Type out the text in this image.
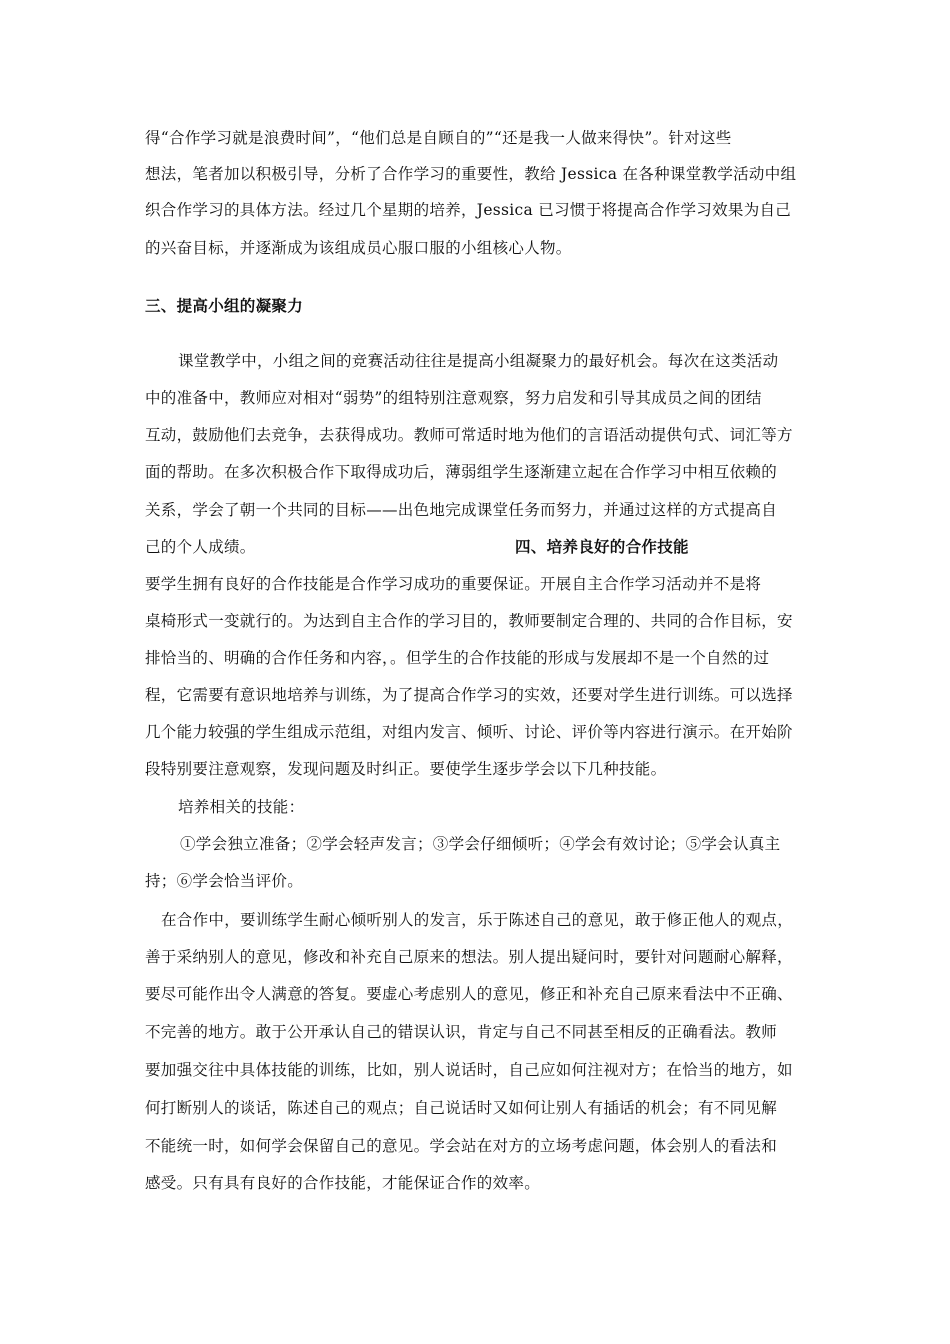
得“合作学习就是浪费时间”，“他们总是自顾自的”“还是我一人做来得快”。针对这些
想法，笔者加以积极引导，分析了合作学习的重要性，教给 Jessica 在各种课堂教学活动中组
织合作学习的具体方法。经过几个星期的培养，Jessica 已习惯于将提高合作学习效果为自己
的兴奋目标，并逐渐成为该组成员心服口服的小组核心人物。
三、提高小组的凝聚力
课堂教学中，小组之间的竞赛活动往往是提高小组凝聚力的最好机会。每次在这类活动
中的准备中，教师应对相对“弱势”的组特别注意观察，努力启发和引导其成员之间的团结
互动，鼓励他们去竞争，去获得成功。教师可常适时地为他们的言语活动提供句式、词汇等方
面的帮助。在多次积极合作下取得成功后，薄弱组学生逐渐建立起在合作学习中相互依赖的
关系，学会了朝一个共同的目标——出色地完成课堂任务而努力，并通过这样的方式提高自
己的个人成绩。	四、培养良好的合作技能
要学生拥有良好的合作技能是合作学习成功的重要保证。开展自主合作学习活动并不是将
桌椅形式一变就行的。为达到自主合作的学习目的，教师要制定合理的、共同的合作目标，安
排恰当的、明确的合作任务和内容，。但学生的合作技能的形成与发展却不是一个自然的过
程，它需要有意识地培养与训练，为了提高合作学习的实效，还要对学生进行训练。可以选择
几个能力较强的学生组成示范组，对组内发言、倾听、讨论、评价等内容进行演示。在开始阶
段特别要注意观察，发现问题及时纠正。要使学生逐步学会以下几种技能。
培养相关的技能：
①学会独立准备；②学会轻声发言；③学会仔细倾听；④学会有效讨论；⑤学会认真主
持；⑥学会恰当评价。
在合作中，要训练学生耐心倾听别人的发言，乐于陈述自己的意见，敢于修正他人的观点，
善于采纳别人的意见，修改和补充自己原来的想法。别人提出疑问时，要针对问题耐心解释，
要尽可能作出令人满意的答复。要虚心考虑别人的意见，修正和补充自己原来看法中不正确、
不完善的地方。敢于公开承认自己的错误认识，肯定与自己不同甚至相反的正确看法。教师
要加强交往中具体技能的训练，比如，别人说话时，自己应如何注视对方；在恰当的地方，如
何打断别人的谈话，陈述自己的观点；自己说话时又如何让别人有插话的机会；有不同见解
不能统一时，如何学会保留自己的意见。学会站在对方的立场考虑问题，体会别人的看法和
感受。只有具有良好的合作技能，才能保证合作的效率。
